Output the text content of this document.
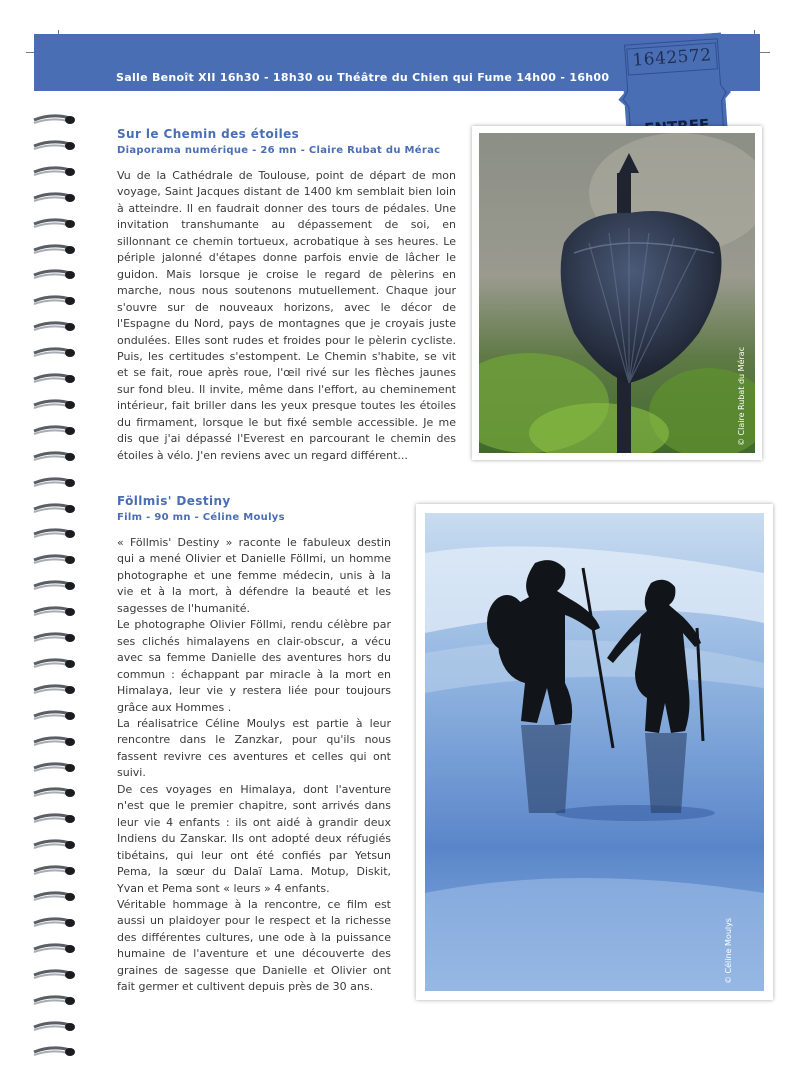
Salle Benoît XII 16h30 - 18h30 ou Théâtre du Chien qui Fume 14h00 - 16h00
1642572
Sur le Chemin des étoiles
Diaporama numérique - 26 mn - Claire Rubat du Mérac
Vu de la Cathédrale de Toulouse, point de départ de mon voyage, Saint Jacques distant de 1400 km semblait bien loin à atteindre. Il en faudrait donner des tours de pédales. Une invitation transhumante au dépassement de soi, en sillonnant ce chemin tortueux, acrobatique à ses heures. Le périple jalonné d'étapes donne parfois envie de lâcher le guidon. Mais lorsque je croise le regard de pèlerins en marche, nous nous soutenons mutuellement. Chaque jour s'ouvre sur de nouveaux horizons, avec le décor de l'Espagne du Nord, pays de montagnes que je croyais juste ondulées. Elles sont rudes et froides pour le pèlerin cycliste. Puis, les certitudes s'estompent. Le Chemin s'habite, se vit et se fait, roue après roue, l'œil rivé sur les flèches jaunes sur fond bleu. Il invite, même dans l'effort, au cheminement intérieur, fait briller dans les yeux presque toutes les étoiles du firmament, lorsque le but fixé semble accessible. Je me dis que j'ai dépassé l'Everest en parcourant le chemin des étoiles à vélo. J'en reviens avec un regard différent...
© Claire Rubat du Mérac
Föllmis' Destiny
Film - 90 mn - Céline Moulys

« Föllmis' Destiny » raconte le fabuleux destin qui a mené Olivier et Danielle Föllmi, un homme photographe et une femme médecin, unis à la vie et à la mort, à défendre la beauté et les sagesses de l'humanité.

Le photographe Olivier Föllmi, rendu célèbre par ses clichés himalayens en clair-obscur, a vécu avec sa femme Danielle des aventures hors du commun : échappant par miracle à la mort en Himalaya, leur vie y restera liée pour toujours grâce aux Hommes .

La réalisatrice Céline Moulys est partie à leur rencontre dans le Zanzkar, pour qu'ils nous fassent revivre ces aventures et celles qui ont suivi.

De ces voyages en Himalaya, dont l'aventure n'est que le premier chapitre, sont arrivés dans leur vie 4 enfants : ils ont aidé à grandir deux Indiens du Zanskar. Ils ont adopté deux réfugiés tibétains, qui leur ont été confiés par Yetsun Pema, la sœur du Dalaï Lama. Motup, Diskit, Yvan et Pema sont « leurs » 4 enfants.

Véritable hommage à la rencontre, ce film est aussi un plaidoyer pour le respect et la richesse des différentes cultures, une ode à la puissance humaine de l'aventure et une découverte des graines de sagesse que Danielle et Olivier ont fait germer et cultivent depuis près de 30 ans.

© Céline Moulys
